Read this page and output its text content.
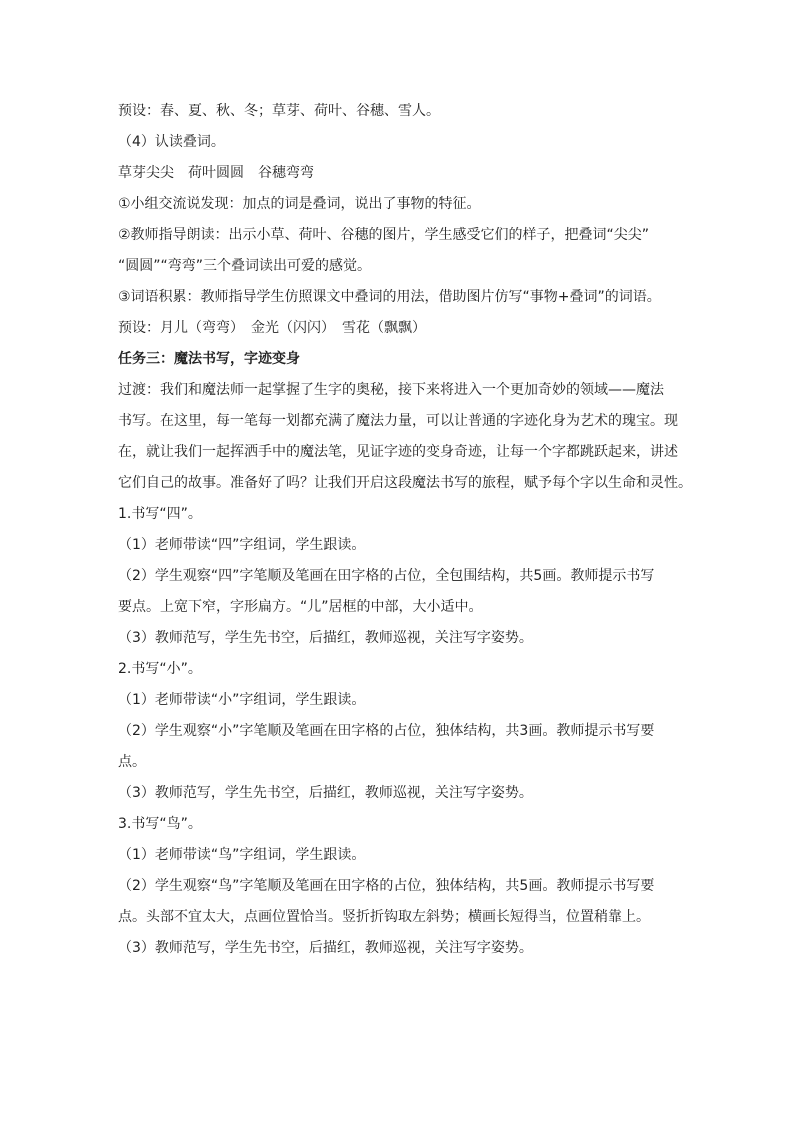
预设：春、夏、秋、冬；草芽、荷叶、谷穗、雪人。
（4）认读叠词。
草芽尖尖　荷叶圆圆　谷穗弯弯
①小组交流说发现：加点的词是叠词，说出了事物的特征。
②教师指导朗读：出示小草、荷叶、谷穗的图片，学生感受它们的样子，把叠词“尖尖”
“圆圆”“弯弯”三个叠词读出可爱的感觉。
③词语积累：教师指导学生仿照课文中叠词的用法，借助图片仿写“事物+叠词”的词语。
预设：月儿（弯弯）　金光（闪闪）　雪花（飘飘）
任务三：魔法书写，字迹变身
过渡：我们和魔法师一起掌握了生字的奥秘，接下来将进入一个更加奇妙的领域——魔法
书写。在这里，每一笔每一划都充满了魔法力量，可以让普通的字迹化身为艺术的瑰宝。现
在，就让我们一起挥洒手中的魔法笔，见证字迹的变身奇迹，让每一个字都跳跃起来，讲述
它们自己的故事。准备好了吗？让我们开启这段魔法书写的旅程，赋予每个字以生命和灵性。
1.书写“四”。
（1）老师带读“四”字组词，学生跟读。
（2）学生观察“四”字笔顺及笔画在田字格的占位，全包围结构，共5画。教师提示书写
要点。上宽下窄，字形扁方。“儿”居框的中部，大小适中。
（3）教师范写，学生先书空，后描红，教师巡视，关注写字姿势。
2.书写“小”。
（1）老师带读“小”字组词，学生跟读。
（2）学生观察“小”字笔顺及笔画在田字格的占位，独体结构，共3画。教师提示书写要
点。
（3）教师范写，学生先书空，后描红，教师巡视，关注写字姿势。
3.书写“鸟”。
（1）老师带读“鸟”字组词，学生跟读。
（2）学生观察“鸟”字笔顺及笔画在田字格的占位，独体结构，共5画。教师提示书写要
点。头部不宜太大，点画位置恰当。竖折折钩取左斜势；横画长短得当，位置稍靠上。
（3）教师范写，学生先书空，后描红，教师巡视，关注写字姿势。
